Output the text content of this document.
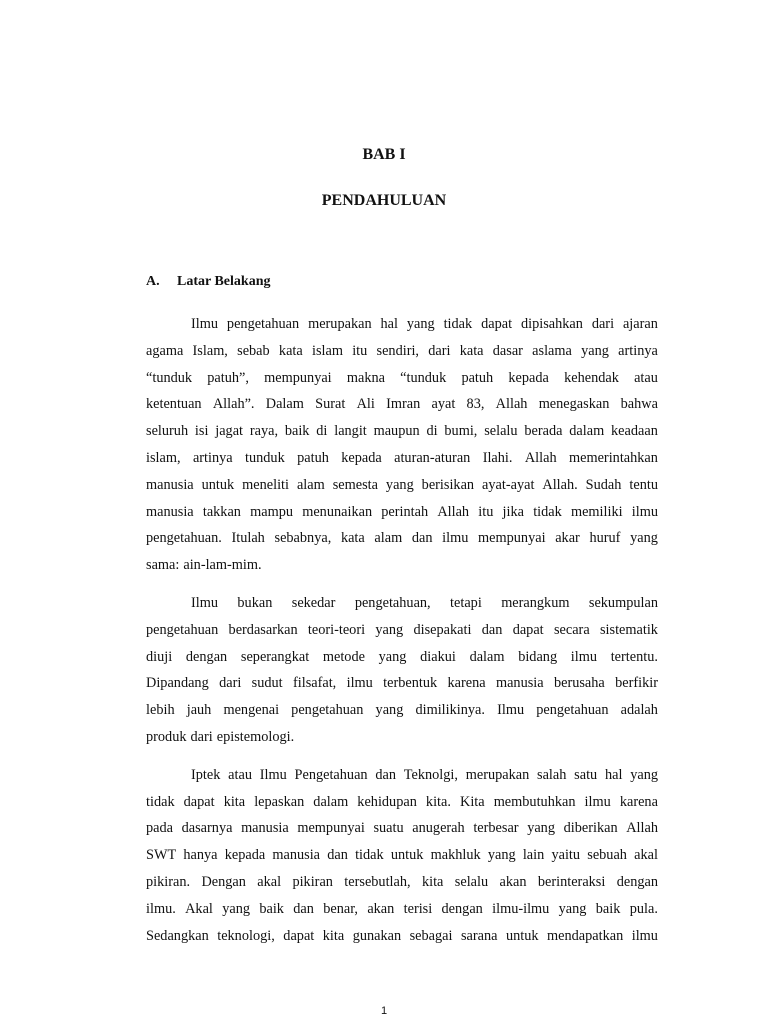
BAB I
PENDAHULUAN
A. Latar Belakang
Ilmu pengetahuan merupakan hal yang tidak dapat dipisahkan dari ajaran
agama Islam, sebab kata islam itu sendiri, dari kata dasar aslama yang artinya
“tunduk patuh”, mempunyai makna “tunduk patuh kepada kehendak atau
ketentuan Allah”. Dalam Surat Ali Imran ayat 83, Allah menegaskan bahwa
seluruh isi jagat raya, baik di langit maupun di bumi, selalu berada dalam keadaan
islam, artinya tunduk patuh kepada aturan-aturan Ilahi. Allah memerintahkan
manusia untuk meneliti alam semesta yang berisikan ayat-ayat Allah. Sudah tentu
manusia takkan mampu menunaikan perintah Allah itu jika tidak memiliki ilmu
pengetahuan. Itulah sebabnya, kata alam dan ilmu mempunyai akar huruf yang
sama: ain-lam-mim.
Ilmu bukan sekedar pengetahuan, tetapi merangkum sekumpulan
pengetahuan berdasarkan teori-teori yang disepakati dan dapat secara sistematik
diuji dengan seperangkat metode yang diakui dalam bidang ilmu tertentu.
Dipandang dari sudut filsafat, ilmu terbentuk karena manusia berusaha berfikir
lebih jauh mengenai pengetahuan yang dimilikinya. Ilmu pengetahuan adalah
produk dari epistemologi.
Iptek atau Ilmu Pengetahuan dan Teknolgi, merupakan salah satu hal yang
tidak dapat kita lepaskan dalam kehidupan kita. Kita membutuhkan ilmu karena
pada dasarnya manusia mempunyai suatu anugerah terbesar yang diberikan Allah
SWT hanya kepada manusia dan tidak untuk makhluk yang lain yaitu sebuah akal
pikiran. Dengan akal pikiran tersebutlah, kita selalu akan berinteraksi dengan
ilmu. Akal yang baik dan benar, akan terisi dengan ilmu-ilmu yang baik pula.
Sedangkan teknologi, dapat kita gunakan sebagai sarana untuk mendapatkan ilmu

1
